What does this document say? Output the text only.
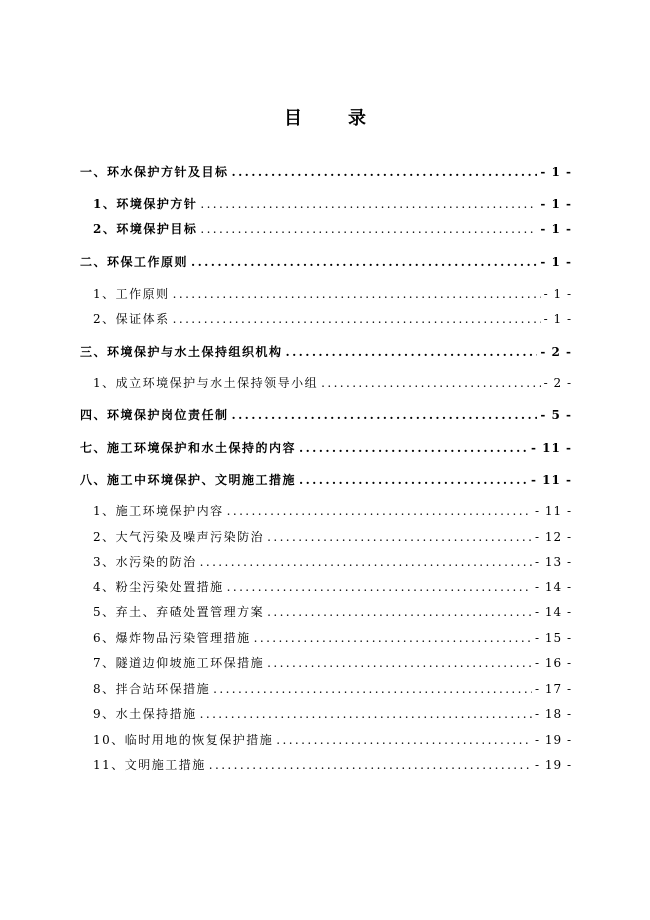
目	录
一、环水保护方针及目标 .....	- 1 -
1、环境保护方针 .....	- 1 -
2、环境保护目标 .....	- 1 -
二、环保工作原则 .....	- 1 -
1、工作原则 .....	- 1 -
2、保证体系 .....	- 1 -
三、环境保护与水土保持组织机构 .....	- 2 -
1、成立环境保护与水土保持领导小组 .....	- 2 -
四、环境保护岗位责任制 .....	- 5 -
七、施工环境保护和水土保持的内容 .....	- 11 -
八、施工中环境保护、文明施工措施 .....	- 11 -
1、施工环境保护内容 .....	- 11 -
2、大气污染及噪声污染防治 .....	- 12 -
3、水污染的防治 .....	- 13 -
4、粉尘污染处置措施 .....	- 14 -
5、弃土、弃碴处置管理方案 .....	- 14 -
6、爆炸物品污染管理措施 .....	- 15 -
7、隧道边仰坡施工环保措施 .....	- 16 -
8、拌合站环保措施 .....	- 17 -
9、水土保持措施 .....	- 18 -
10、临时用地的恢复保护措施 .....	- 19 -
11、文明施工措施 .....	- 19 -
